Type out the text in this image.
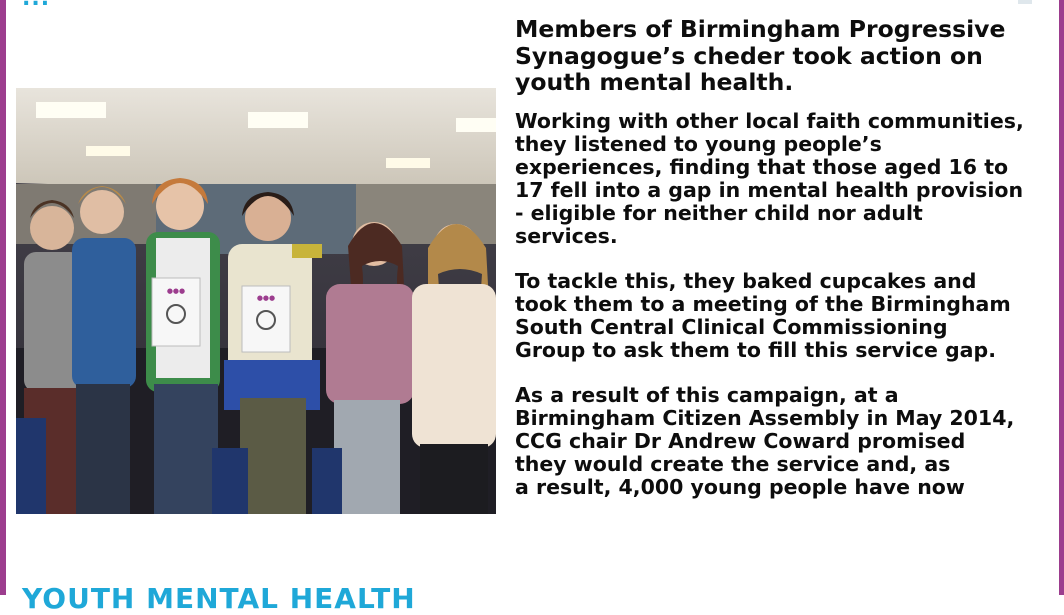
●●●
●●●
YOUTH MENTAL HEALTH
Members of Birmingham Progressive
Synagogue’s cheder took action on
youth mental health.
Working with other local faith communities,
they listened to young people’s
experiences, finding that those aged 16 to
17 fell into a gap in mental health provision
- eligible for neither child nor adult
services.
To tackle this, they baked cupcakes and
took them to a meeting of the Birmingham
South Central Clinical Commissioning
Group to ask them to fill this service gap.
As a result of this campaign, at a
Birmingham Citizen Assembly in May 2014,
CCG chair Dr Andrew Coward promised
they would create the service and, as
a result, 4,000 young people have now
